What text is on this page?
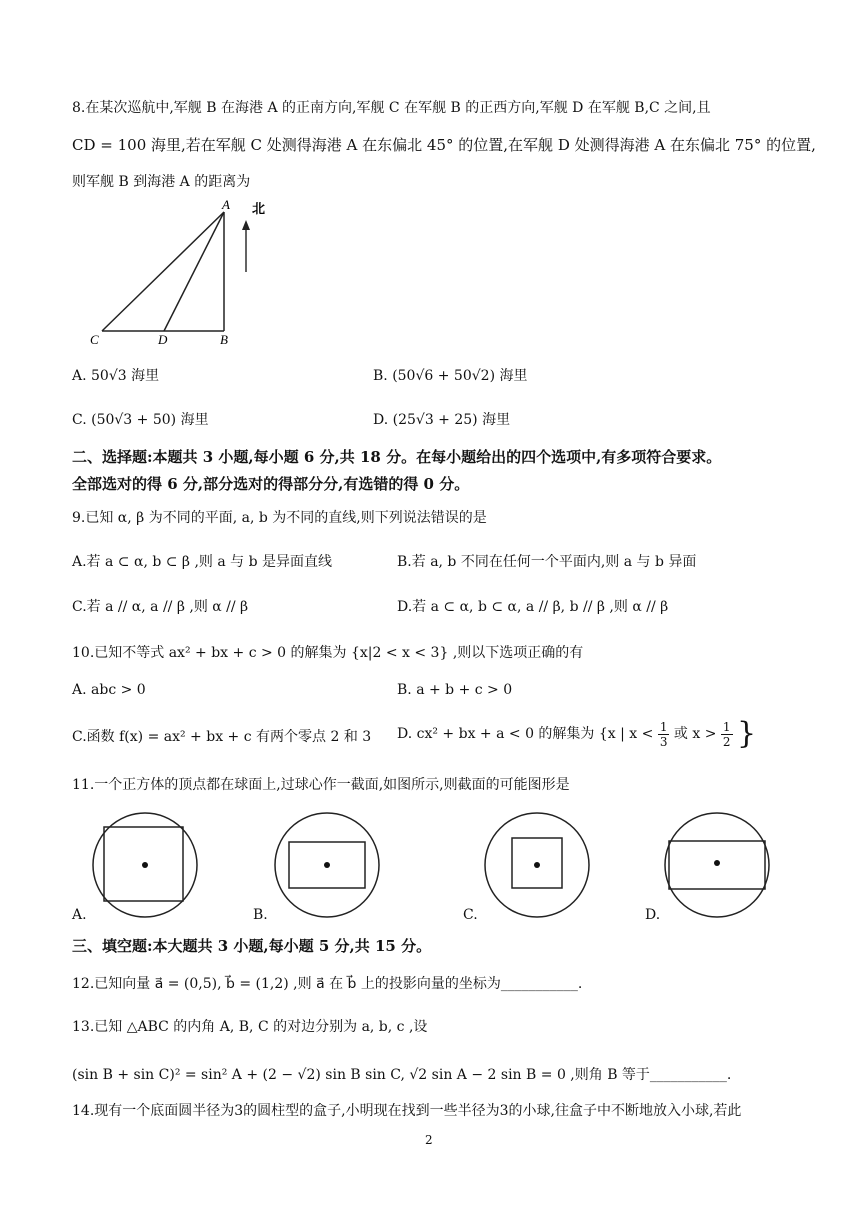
8.在某次巡航中,军舰 B 在海港 A 的正南方向,军舰 C 在军舰 B 的正西方向,军舰 D 在军舰 B,C 之间,且
CD = 100 海里,若在军舰 C 处测得海港 A 在东偏北 45° 的位置,在军舰 D 处测得海港 A 在东偏北 75° 的位置,
则军舰 B 到海港 A 的距离为
A
B
C	D
北
A. 50√3 海里	B. (50√6 + 50√2) 海里
C. (50√3 + 50) 海里	D. (25√3 + 25) 海里
二、选择题:本题共 3 小题,每小题 6 分,共 18 分。在每小题给出的四个选项中,有多项符合要求。
全部选对的得 6 分,部分选对的得部分分,有选错的得 0 分。
9.已知 α, β 为不同的平面, a, b 为不同的直线,则下列说法错误的是
A.若 a ⊂ α, b ⊂ β ,则 a 与 b 是异面直线	B.若 a, b 不同在任何一个平面内,则 a 与 b 异面
C.若 a // α, a // β ,则 α // β	D.若 a ⊂ α, b ⊂ α, a // β, b // β ,则 α // β
10.已知不等式 ax² + bx + c > 0 的解集为 {x|2 < x < 3} ,则以下选项正确的有
A. abc > 0	B. a + b + c > 0
C.函数 f(x) = ax² + bx + c 有两个零点 2 和 3 D. cx² + bx + a < 0 的解集为 {x | $x < \frac{1}{3}$ 或 $x > \frac{1}{2}$ }
11.一个正方体的顶点都在球面上,过球心作一截面,如图所示,则截面的可能图形是
A.	B.	C.	D.
三、填空题:本大题共 3 小题,每小题 5 分,共 15 分。
12.已知向量 a⃗ = (0,5), b⃗ = (1,2) ,则 a⃗ 在 b⃗ 上的投影向量的坐标为___________.
13.已知 △ABC 的内角 A, B, C 的对边分别为 a, b, c ,设
(sin B + sin C)² = sin² A + (2 − √2) sin B sin C, √2 sin A − 2 sin B = 0 ,则角 B 等于___________.
14.现有一个底面圆半径为3的圆柱型的盒子,小明现在找到一些半径为3的小球,往盒子中不断地放入小球,若此
2
